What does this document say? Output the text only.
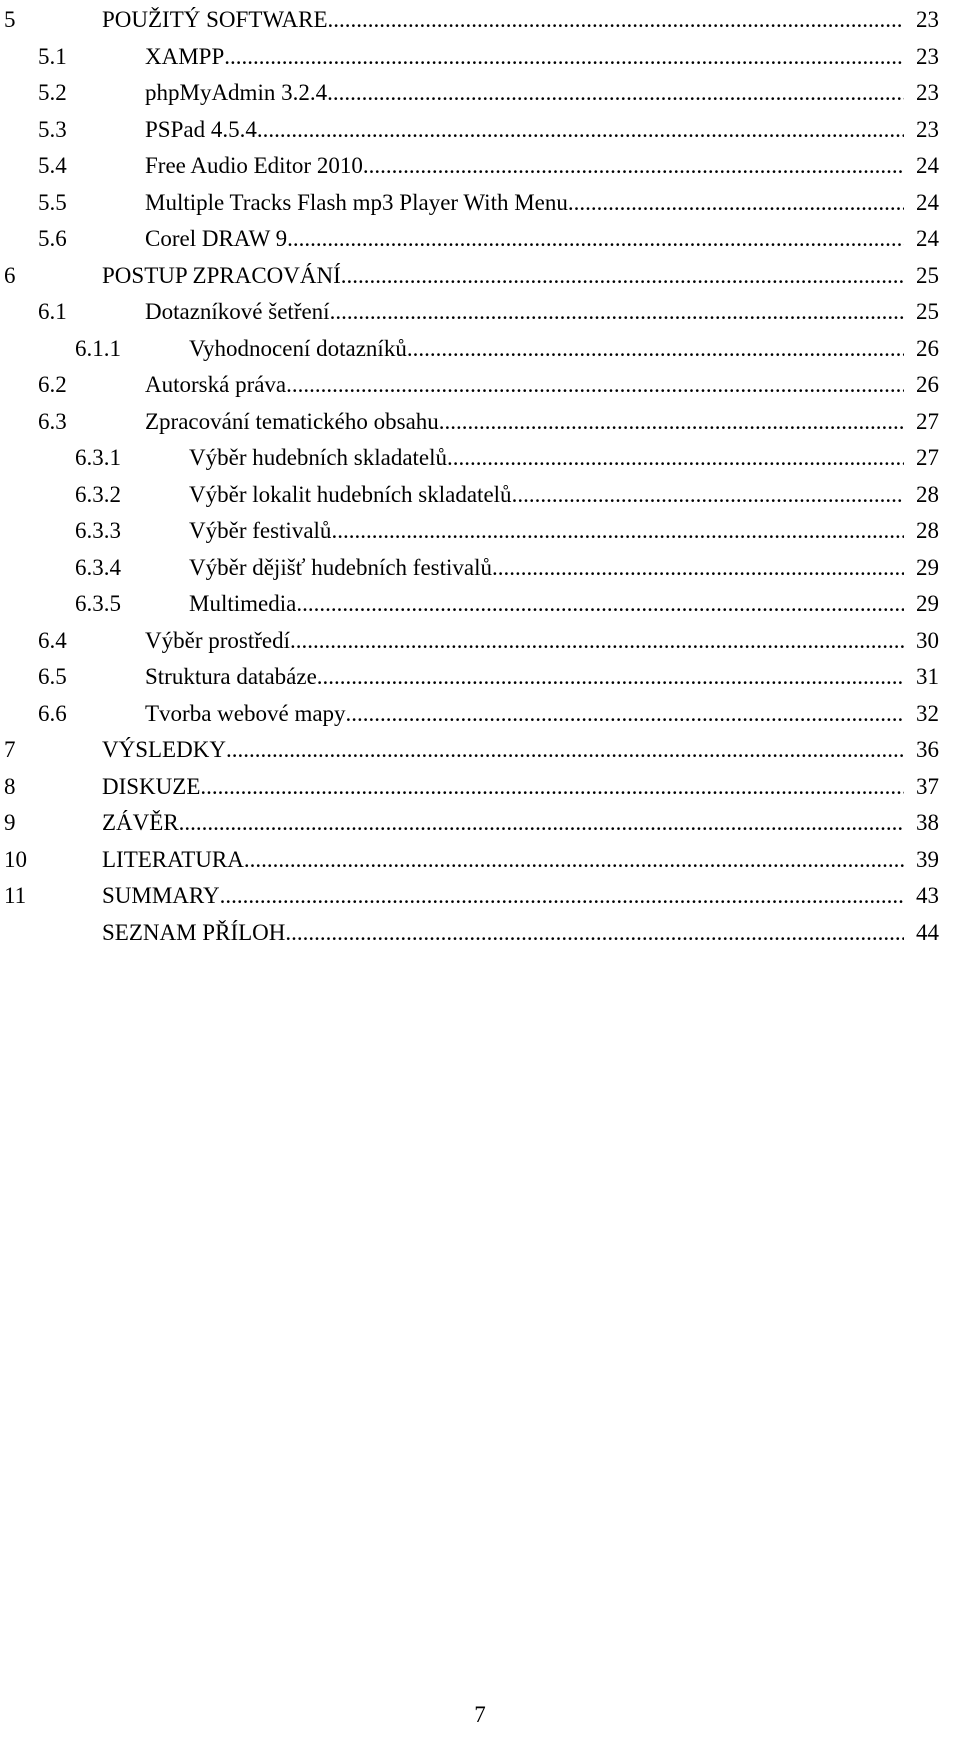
5	POUŽITÝ SOFTWARE .....	23
5.1	XAMPP .....	23
5.2	phpMyAdmin 3.2.4 .....	23
5.3	PSPad 4.5.4 .....	23
5.4	Free Audio Editor 2010 .....	24
5.5	Multiple Tracks Flash mp3 Player With Menu .....	24
5.6	Corel DRAW 9 .....	24
6	POSTUP ZPRACOVÁNÍ .....	25
6.1	Dotazníkové šetření .....	25
6.1.1	Vyhodnocení dotazníků .....	26
6.2	Autorská práva .....	26
6.3	Zpracování tematického obsahu .....	27
6.3.1	Výběr hudebních skladatelů .....	27
6.3.2	Výběr lokalit hudebních skladatelů .....	28
6.3.3	Výběr festivalů .....	28
6.3.4	Výběr dějišť hudebních festivalů .....	29
6.3.5	Multimedia .....	29
6.4	Výběr prostředí .....	30
6.5	Struktura databáze .....	31
6.6	Tvorba webové mapy .....	32
7	VÝSLEDKY .....	36
8	DISKUZE .....	37
9	ZÁVĚR .....	38
10	LITERATURA .....	39
11	SUMMARY .....	43
SEZNAM PŘÍLOH .....	44
7
